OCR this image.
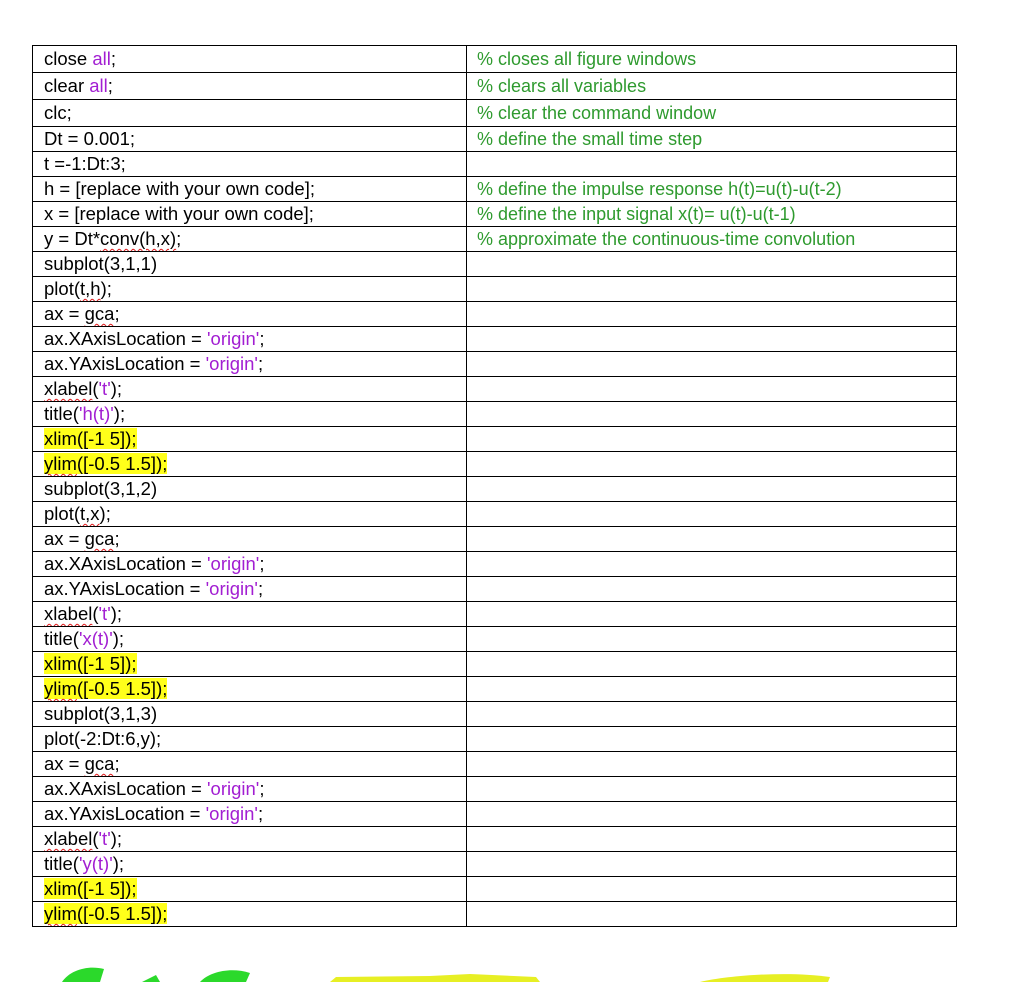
close all;	% closes all figure windows
clear all;	% clears all variables
clc;	% clear the command window
Dt = 0.001;	% define the small time step
t =-1:Dt:3;	
h = [replace with your own code];	% define the impulse response h(t)=u(t)-u(t-2)
x = [replace with your own code];	% define the input signal x(t)= u(t)-u(t-1)
y = Dt*conv(h,x);	% approximate the continuous-time convolution
subplot(3,1,1)	
plot(t,h);	
ax = gca;	
ax.XAxisLocation = 'origin';	
ax.YAxisLocation = 'origin';	
xlabel('t');	
title('h(t)');	
xlim([-1 5]);	
ylim([-0.5 1.5]);	
subplot(3,1,2)	
plot(t,x);	
ax = gca;	
ax.XAxisLocation = 'origin';	
ax.YAxisLocation = 'origin';	
xlabel('t');	
title('x(t)');	
xlim([-1 5]);	
ylim([-0.5 1.5]);	
subplot(3,1,3)	
plot(-2:Dt:6,y);	
ax = gca;	
ax.XAxisLocation = 'origin';	
ax.YAxisLocation = 'origin';	
xlabel('t');	
title('y(t)');	
xlim([-1 5]);	
ylim([-0.5 1.5]);	
